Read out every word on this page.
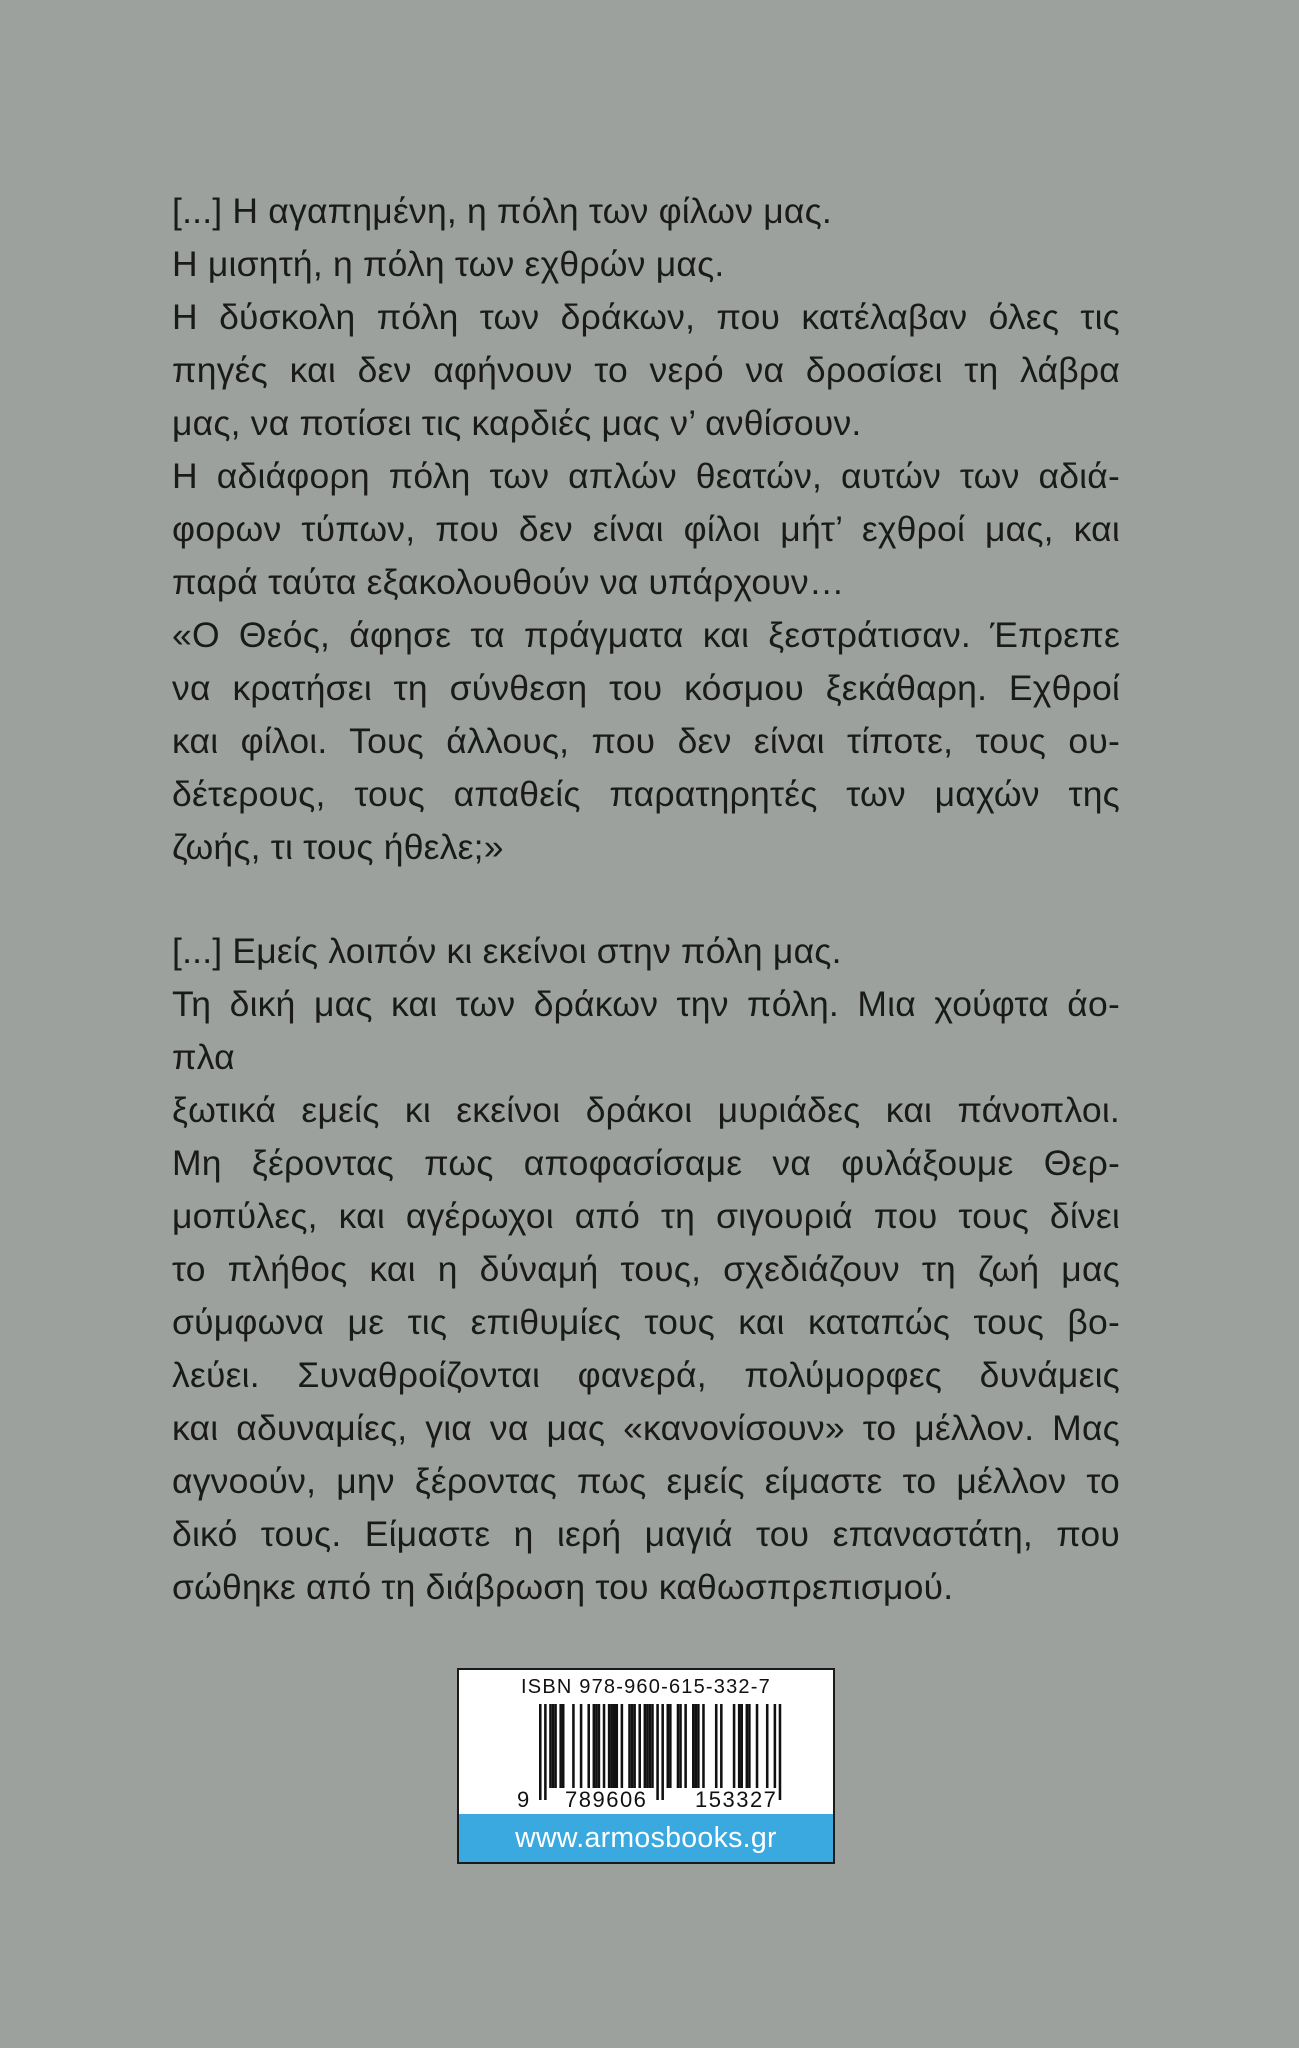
[...] Η αγαπημένη, η πόλη των φίλων μας.
Η μισητή, η πόλη των εχθρών μας.
Η δύσκολη πόλη των δράκων, που κατέλαβαν όλες τις
πηγές και δεν αφήνουν το νερό να δροσίσει τη λάβρα
μας, να ποτίσει τις καρδιές μας ν’ ανθίσουν.
Η αδιάφορη πόλη των απλών θεατών, αυτών των αδιά-
φορων τύπων, που δεν είναι φίλοι μήτ’ εχθροί μας, και
παρά ταύτα εξακολουθούν να υπάρχουν…
«Ο Θεός, άφησε τα πράγματα και ξεστράτισαν. Έπρεπε
να κρατήσει τη σύνθεση του κόσμου ξεκάθαρη. Εχθροί
και φίλοι. Τους άλλους, που δεν είναι τίποτε, τους ου-
δέτερους, τους απαθείς παρατηρητές των μαχών της
ζωής, τι τους ήθελε;»
[...] Εμείς λοιπόν κι εκείνοι στην πόλη μας.
Τη δική μας και των δράκων την πόλη. Μια χούφτα άο-
πλα
ξωτικά εμείς κι εκείνοι δράκοι μυριάδες και πάνοπλοι.
Μη ξέροντας πως αποφασίσαμε να φυλάξουμε Θερ-
μοπύλες, και αγέρωχοι από τη σιγουριά που τους δίνει
το πλήθος και η δύναμή τους, σχεδιάζουν τη ζωή μας
σύμφωνα με τις επιθυμίες τους και καταπώς τους βο-
λεύει. Συναθροίζονται φανερά, πολύμορφες δυνάμεις
και αδυναμίες, για να μας «κανονίσουν» το μέλλον. Μας
αγνοούν, μην ξέροντας πως εμείς είμαστε το μέλλον το
δικό τους. Είμαστε η ιερή μαγιά του επαναστάτη, που
σώθηκε από τη διάβρωση του καθωσπρεπισμού.
ISBN 978-960-615-332-7
9 789606 153327
www.armosbooks.gr
